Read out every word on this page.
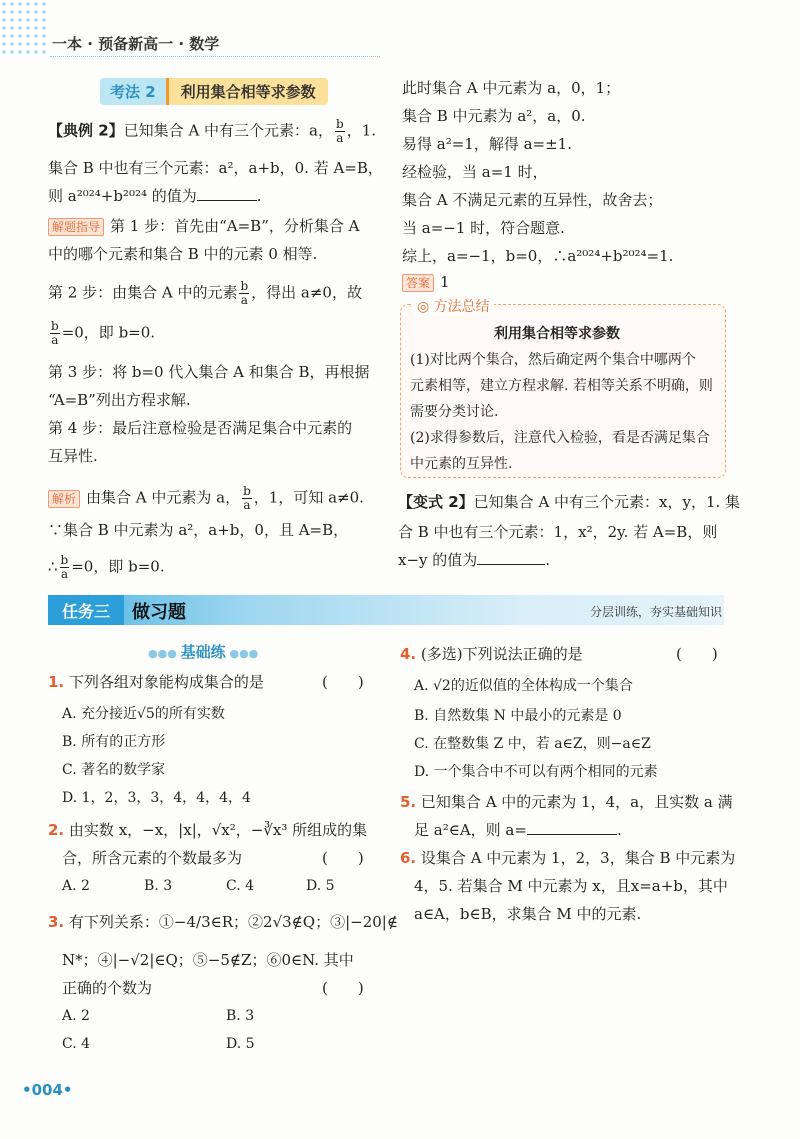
一本 · 预备新高一 · 数学
考法 2	利用集合相等求参数
【典例 2】已知集合 A 中有三个元素：a， $\frac{b}{a}$ ，1.
集合 B 中也有三个元素：a²，a+b，0. 若 A=B，
则 a²⁰²⁴+b²⁰²⁴ 的值为	.
解题指导 第 1 步：首先由“A=B”，分析集合 A
中的哪个元素和集合 B 中的元素 0 相等.
第 2 步：由集合 A 中的元素 $\frac{b}{a}$ ，得出 a≠0，故
$\frac{b}{a} =0$，即 b=0.
第 3 步：将 b=0 代入集合 A 和集合 B，再根据
“A=B”列出方程求解.
第 4 步：最后注意检验是否满足集合中元素的
互异性.
解析 由集合 A 中元素为 a， $\frac{b}{a}$ ，1，可知 a≠0.
∵集合 B 中元素为 a²，a+b，0，且 A=B，
∴ $\frac{b}{a} =0$，即 b=0.
此时集合 A 中元素为 a，0，1；
集合 B 中元素为 a²，a，0.
易得 a²=1，解得 a=±1.
经检验，当 a=1 时，
集合 A 不满足元素的互异性，故舍去；
当 a=−1 时，符合题意.
综上，a=−1，b=0，∴a²⁰²⁴+b²⁰²⁴=1.
答案 1
◎ 方法总结
利用集合相等求参数
(1)对比两个集合，然后确定两个集合中哪两个
元素相等，建立方程求解. 若相等关系不明确，则
需要分类讨论.
(2)求得参数后，注意代入检验，看是否满足集合
中元素的互异性.
【变式 2】已知集合 A 中有三个元素：x，y，1. 集
合 B 中也有三个元素：1，x²，2y. 若 A=B，则
x−y 的值为	.
任务三	做习题	分层训练，夯实基础知识
●●● 基础练 ●●●
1. 下列各组对象能构成集合的是	(　　)
A. 充分接近√5的所有实数
B. 所有的正方形
C. 著名的数学家
D. 1，2，3，3，4，4，4，4
2. 由实数 x，−x，|x|，√x²，−∛x³ 所组成的集
合，所含元素的个数最多为	(　　)
A. 2	B. 3	C. 4	D. 5
3. 有下列关系：①−4/3∈R；②2√3∉Q；③|−20|∉
N*；④|−√2|∈Q；⑤−5∉Z；⑥0∈N. 其中
正确的个数为	(　　)
A. 2	B. 3
C. 4	D. 5
4. (多选)下列说法正确的是	(　　)
A. √2的近似值的全体构成一个集合
B. 自然数集 N 中最小的元素是 0
C. 在整数集 Z 中，若 a∈Z，则−a∈Z
D. 一个集合中不可以有两个相同的元素
5. 已知集合 A 中的元素为 1，4，a，且实数 a 满
足 a²∈A，则 a=	.
6. 设集合 A 中元素为 1，2，3，集合 B 中元素为
4，5. 若集合 M 中元素为 x，且x=a+b，其中
a∈A，b∈B，求集合 M 中的元素.
•004•
